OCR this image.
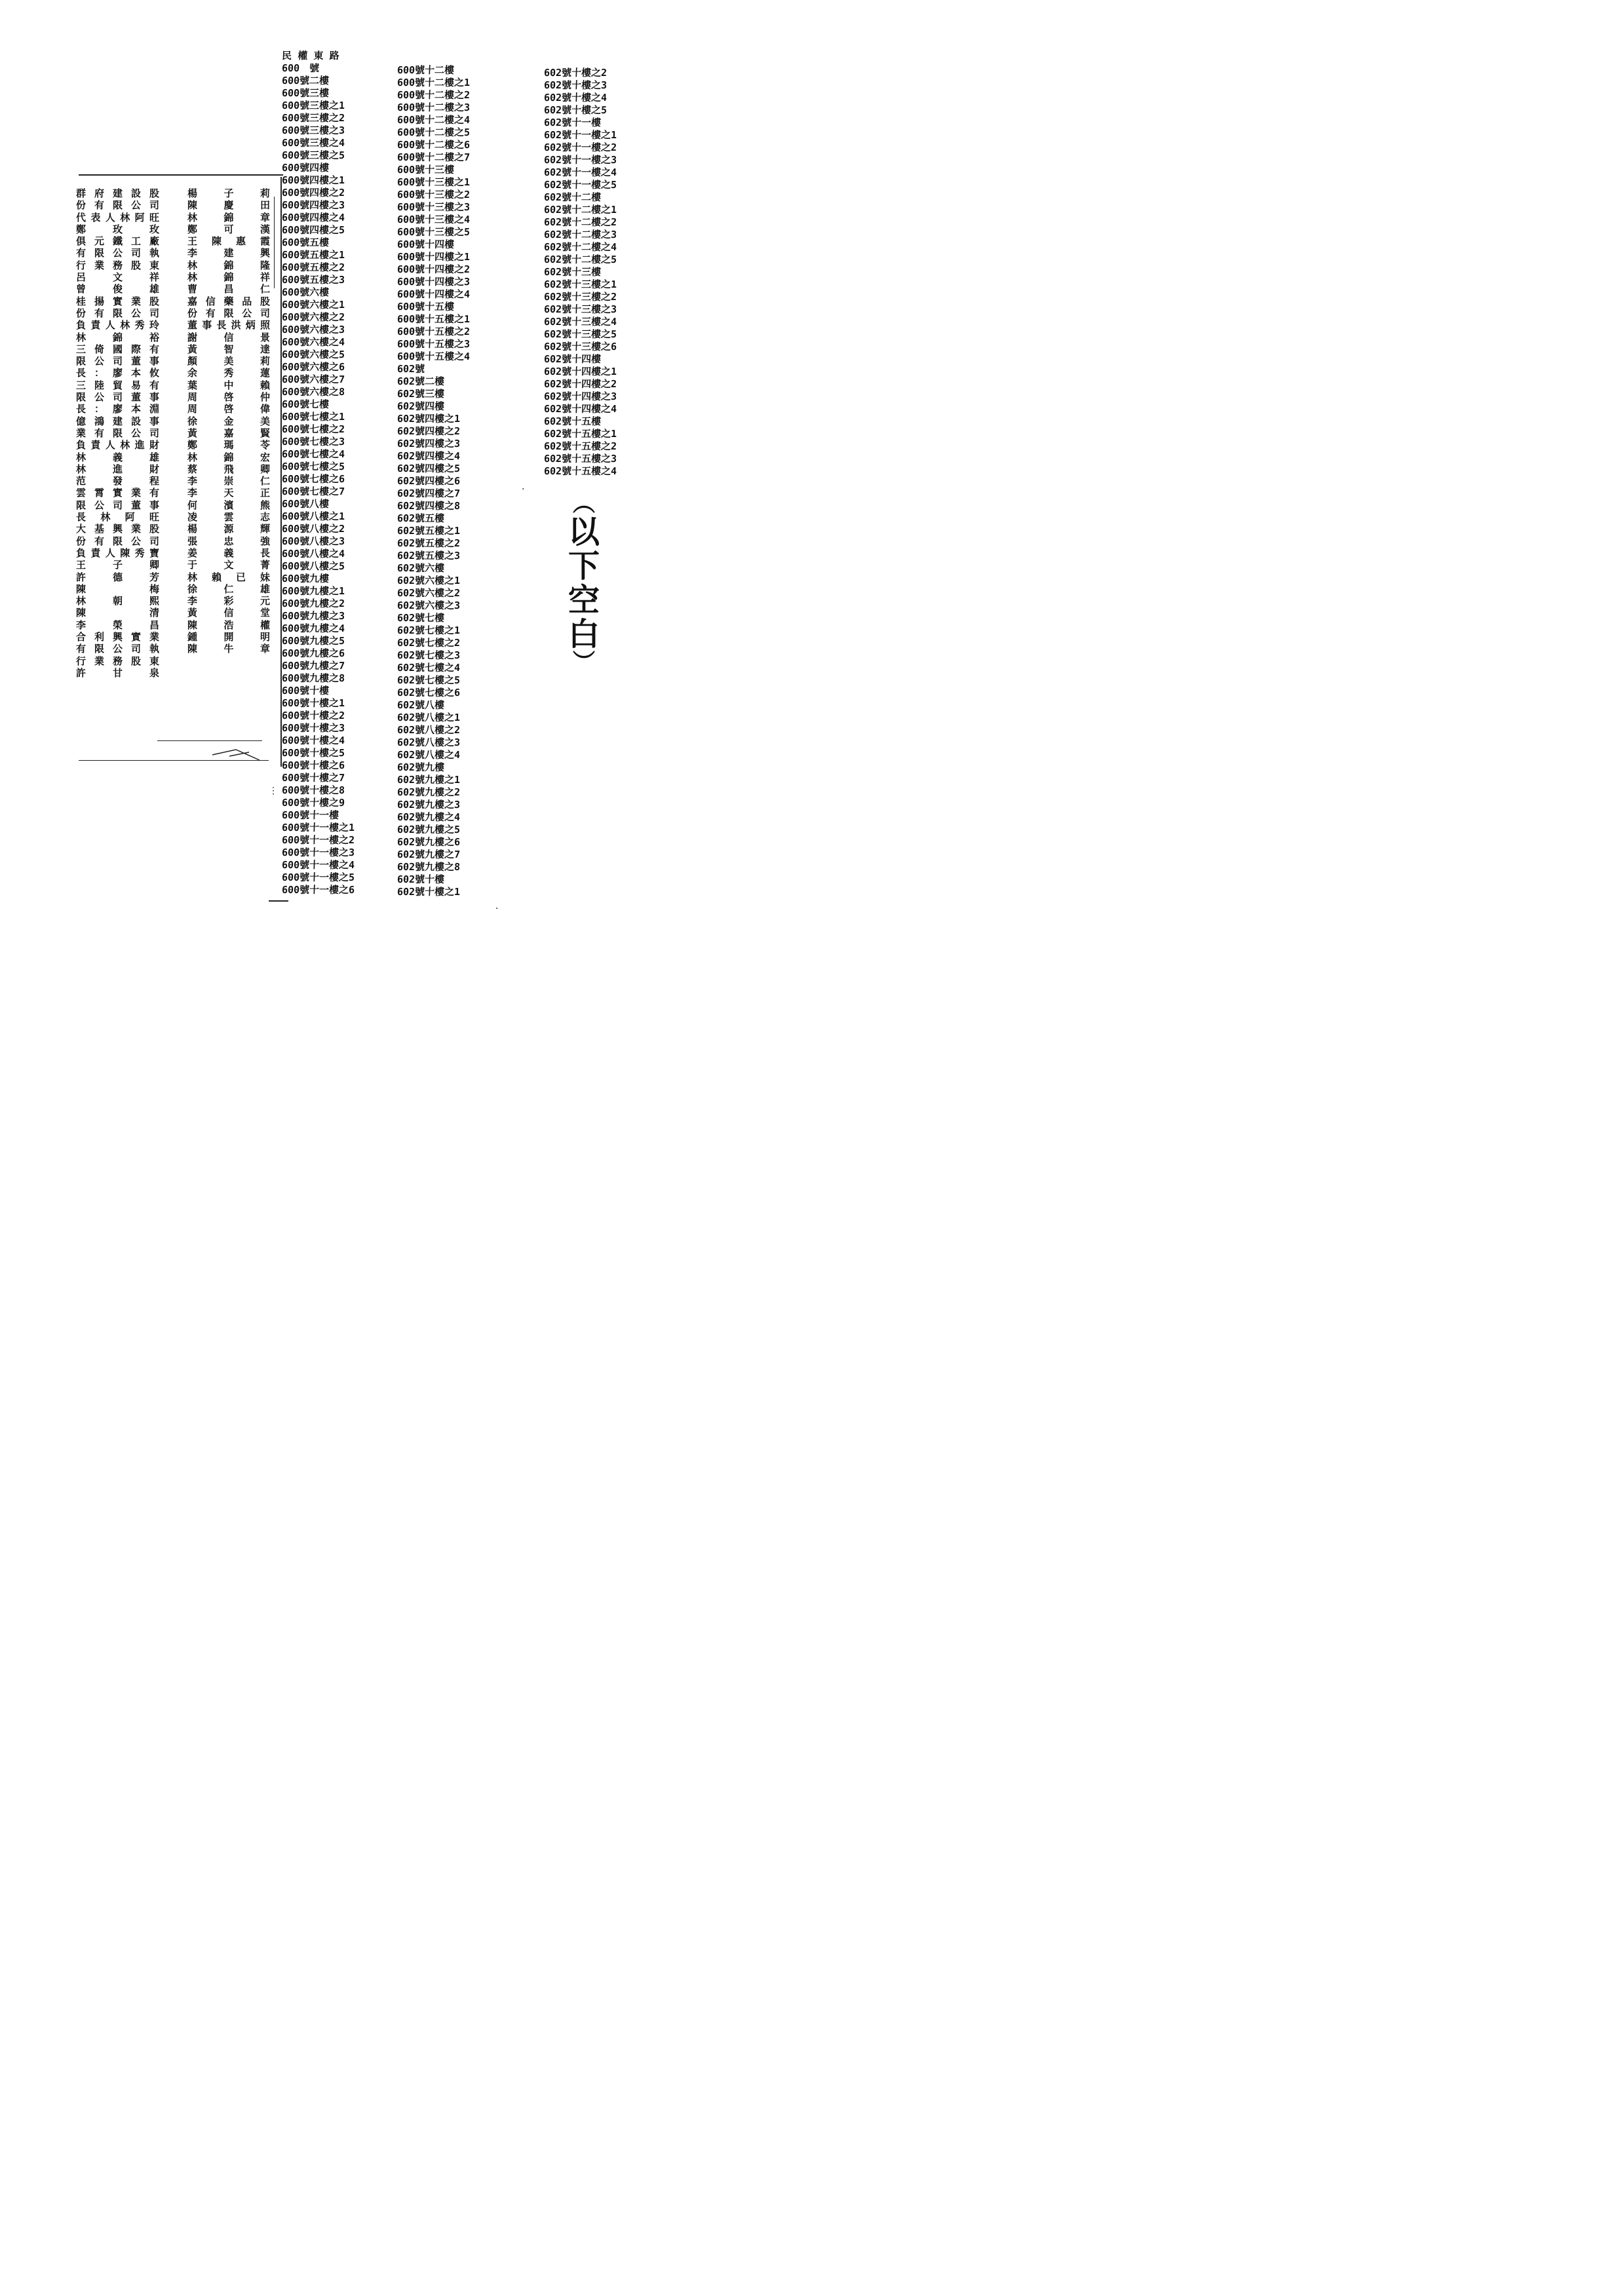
⋮
·
·
群府建設股
份有限公司
代表人林阿旺
鄭　玫　玫
俱元鐵工廠
有限公司執
行業務股東
呂　文　祥
曾　俊　雄
桂揚實業股
份有限公司
負責人林秀玲
林　錦　裕
三倚國際有
限公司董事
長：廖本攸
三陸貿易有
限公司董事
長：廖本淵
億鴻建設事
業有限公司
負責人林進財
林　義　雄
林　進　財
范　發　程
雲霄實業有
限公司董事
長林阿旺
大基興業股
份有限公司
負責人陳秀寶
王　子　卿
許　德　芳
陳　　　梅
林　朝　熙
陳　　　清
李　榮　昌
合利興實業
有限公司執
行業務股東
許　甘　泉
楊　子　莉
陳　慶　田
林　錦　章
鄭　可　漢
王陳惠霞
李　建　興
林　錦　隆
林　錦　祥
曹　昌　仁
嘉信藥品股
份有限公司
董事長洪炳照
謝　信　景
黃　智　達
顏　美　莉
余　秀　蓮
葉　中　賴
周　啓　仲
周　啓　偉
徐　金　美
黃　嘉　賢
鄭　瑪　苓
林　錦　宏
蔡　飛　卿
李　崇　仁
李　天　正
何　濱　熊
凌　雲　志
楊　源　輝
張　忠　強
姜　義　長
于　文　菁
林　賴　已　妹
徐　仁　雄
李　彩　元
黃　信　堂
陳　浩　權
鍾　開　明
陳　牛　章
民 權 東 路
600　號
600號二樓
600號三樓
600號三樓之1
600號三樓之2
600號三樓之3
600號三樓之4
600號三樓之5
600號四樓
600號四樓之1
600號四樓之2
600號四樓之3
600號四樓之4
600號四樓之5
600號五樓
600號五樓之1
600號五樓之2
600號五樓之3
600號六樓
600號六樓之1
600號六樓之2
600號六樓之3
600號六樓之4
600號六樓之5
600號六樓之6
600號六樓之7
600號六樓之8
600號七樓
600號七樓之1
600號七樓之2
600號七樓之3
600號七樓之4
600號七樓之5
600號七樓之6
600號七樓之7
600號八樓
600號八樓之1
600號八樓之2
600號八樓之3
600號八樓之4
600號八樓之5
600號九樓
600號九樓之1
600號九樓之2
600號九樓之3
600號九樓之4
600號九樓之5
600號九樓之6
600號九樓之7
600號九樓之8
600號十樓
600號十樓之1
600號十樓之2
600號十樓之3
600號十樓之4
600號十樓之5
600號十樓之6
600號十樓之7
600號十樓之8
600號十樓之9
600號十一樓
600號十一樓之1
600號十一樓之2
600號十一樓之3
600號十一樓之4
600號十一樓之5
600號十一樓之6
600號十二樓
600號十二樓之1
600號十二樓之2
600號十二樓之3
600號十二樓之4
600號十二樓之5
600號十二樓之6
600號十二樓之7
600號十三樓
600號十三樓之1
600號十三樓之2
600號十三樓之3
600號十三樓之4
600號十三樓之5
600號十四樓
600號十四樓之1
600號十四樓之2
600號十四樓之3
600號十四樓之4
600號十五樓
600號十五樓之1
600號十五樓之2
600號十五樓之3
600號十五樓之4
602號
602號二樓
602號三樓
602號四樓
602號四樓之1
602號四樓之2
602號四樓之3
602號四樓之4
602號四樓之5
602號四樓之6
602號四樓之7
602號四樓之8
602號五樓
602號五樓之1
602號五樓之2
602號五樓之3
602號六樓
602號六樓之1
602號六樓之2
602號六樓之3
602號七樓
602號七樓之1
602號七樓之2
602號七樓之3
602號七樓之4
602號七樓之5
602號七樓之6
602號八樓
602號八樓之1
602號八樓之2
602號八樓之3
602號八樓之4
602號九樓
602號九樓之1
602號九樓之2
602號九樓之3
602號九樓之4
602號九樓之5
602號九樓之6
602號九樓之7
602號九樓之8
602號十樓
602號十樓之1
602號十樓之2
602號十樓之3
602號十樓之4
602號十樓之5
602號十一樓
602號十一樓之1
602號十一樓之2
602號十一樓之3
602號十一樓之4
602號十一樓之5
602號十二樓
602號十二樓之1
602號十二樓之2
602號十二樓之3
602號十二樓之4
602號十二樓之5
602號十三樓
602號十三樓之1
602號十三樓之2
602號十三樓之3
602號十三樓之4
602號十三樓之5
602號十三樓之6
602號十四樓
602號十四樓之1
602號十四樓之2
602號十四樓之3
602號十四樓之4
602號十五樓
602號十五樓之1
602號十五樓之2
602號十五樓之3
602號十五樓之4
︵
以
下
空
白
︶
